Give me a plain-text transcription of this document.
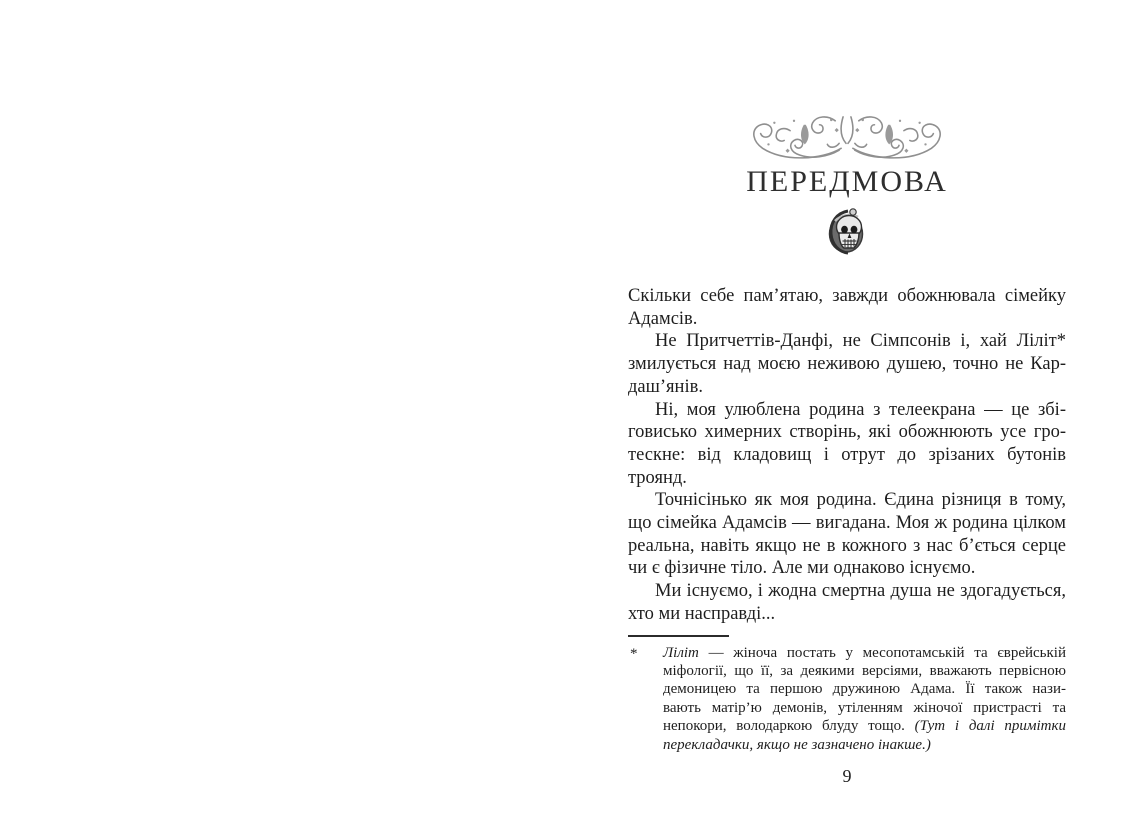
ПЕРЕДМОВА
Скільки себе пам’ятаю, завжди обожнювала сімейку
Адамсів.
Не Притчеттів-Данфі, не Сімпсонів і, хай Ліліт*
змилується над моєю неживою душею, точно не Кар-
даш’янів.
Ні, моя улюблена родина з телеекрана — це збі-
говисько химерних створінь, які обожнюють усе гро-
тескне: від кладовищ і отрут до зрізаних бутонів
троянд.
Точнісінько як моя родина. Єдина різниця в тому,
що сімейка Адамсів — вигадана. Моя ж родина цілком
реальна, навіть якщо не в кожного з нас б’ється серце
чи є фізичне тіло. Але ми однаково існуємо.
Ми існуємо, і жодна смертна душа не здогадується,
хто ми насправді...
* Ліліт — жіноча постать у месопотамській та єврейській
міфології, що її, за деякими версіями, вважають первісною
демоницею та першою дружиною Адама. Її також нази-
вають матір’ю демонів, утіленням жіночої пристрасті та
непокори, володаркою блуду тощо. (Тут і далі примітки
перекладачки, якщо не зазначено інакше.)
9
